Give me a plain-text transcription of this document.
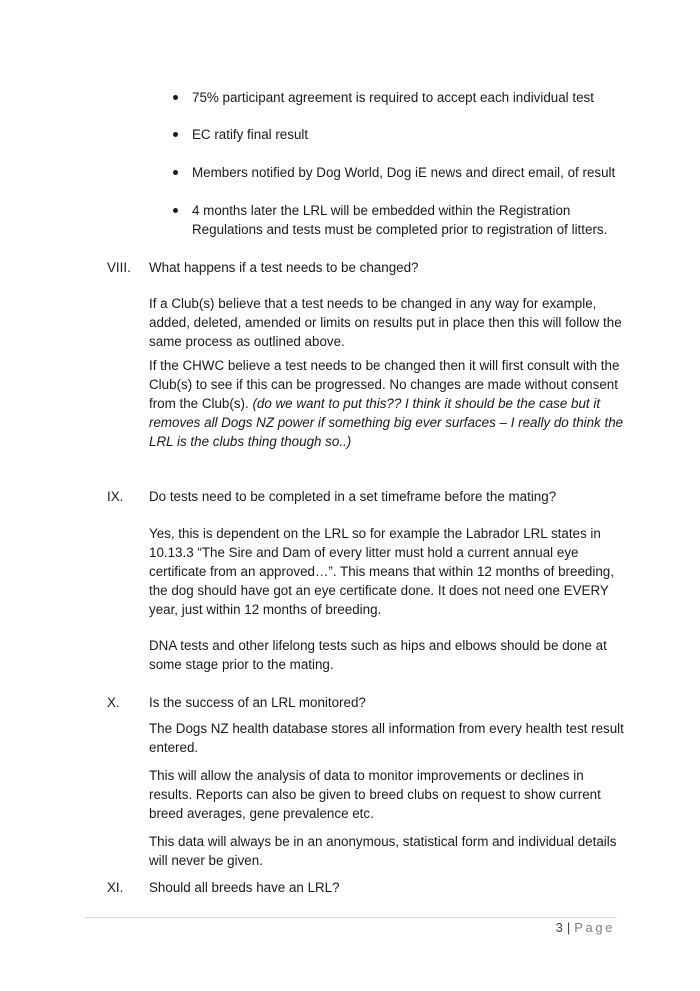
75% participant agreement is required to accept each individual test
EC ratify final result
Members notified by Dog World, Dog iE news and direct email, of result
4 months later the LRL will be embedded within the Registration Regulations and tests must be completed prior to registration of litters.
VIII. What happens if a test needs to be changed?

If a Club(s) believe that a test needs to be changed in any way for example, added, deleted, amended or limits on results put in place then this will follow the same process as outlined above.

If the CHWC believe a test needs to be changed then it will first consult with the Club(s) to see if this can be progressed. No changes are made without consent from the Club(s). (do we want to put this?? I think it should be the case but it removes all Dogs NZ power if something big ever surfaces – I really do think the LRL is the clubs thing though so..)

IX. Do tests need to be completed in a set timeframe before the mating?

Yes, this is dependent on the LRL so for example the Labrador LRL states in 10.13.3 “The Sire and Dam of every litter must hold a current annual eye certificate from an approved…”. This means that within 12 months of breeding, the dog should have got an eye certificate done. It does not need one EVERY year, just within 12 months of breeding.

DNA tests and other lifelong tests such as hips and elbows should be done at some stage prior to the mating.

X. Is the success of an LRL monitored?

The Dogs NZ health database stores all information from every health test result entered.

This will allow the analysis of data to monitor improvements or declines in results. Reports can also be given to breed clubs on request to show current breed averages, gene prevalence etc.

This data will always be in an anonymous, statistical form and individual details will never be given.

XI. Should all breeds have an LRL?
3 | Page
